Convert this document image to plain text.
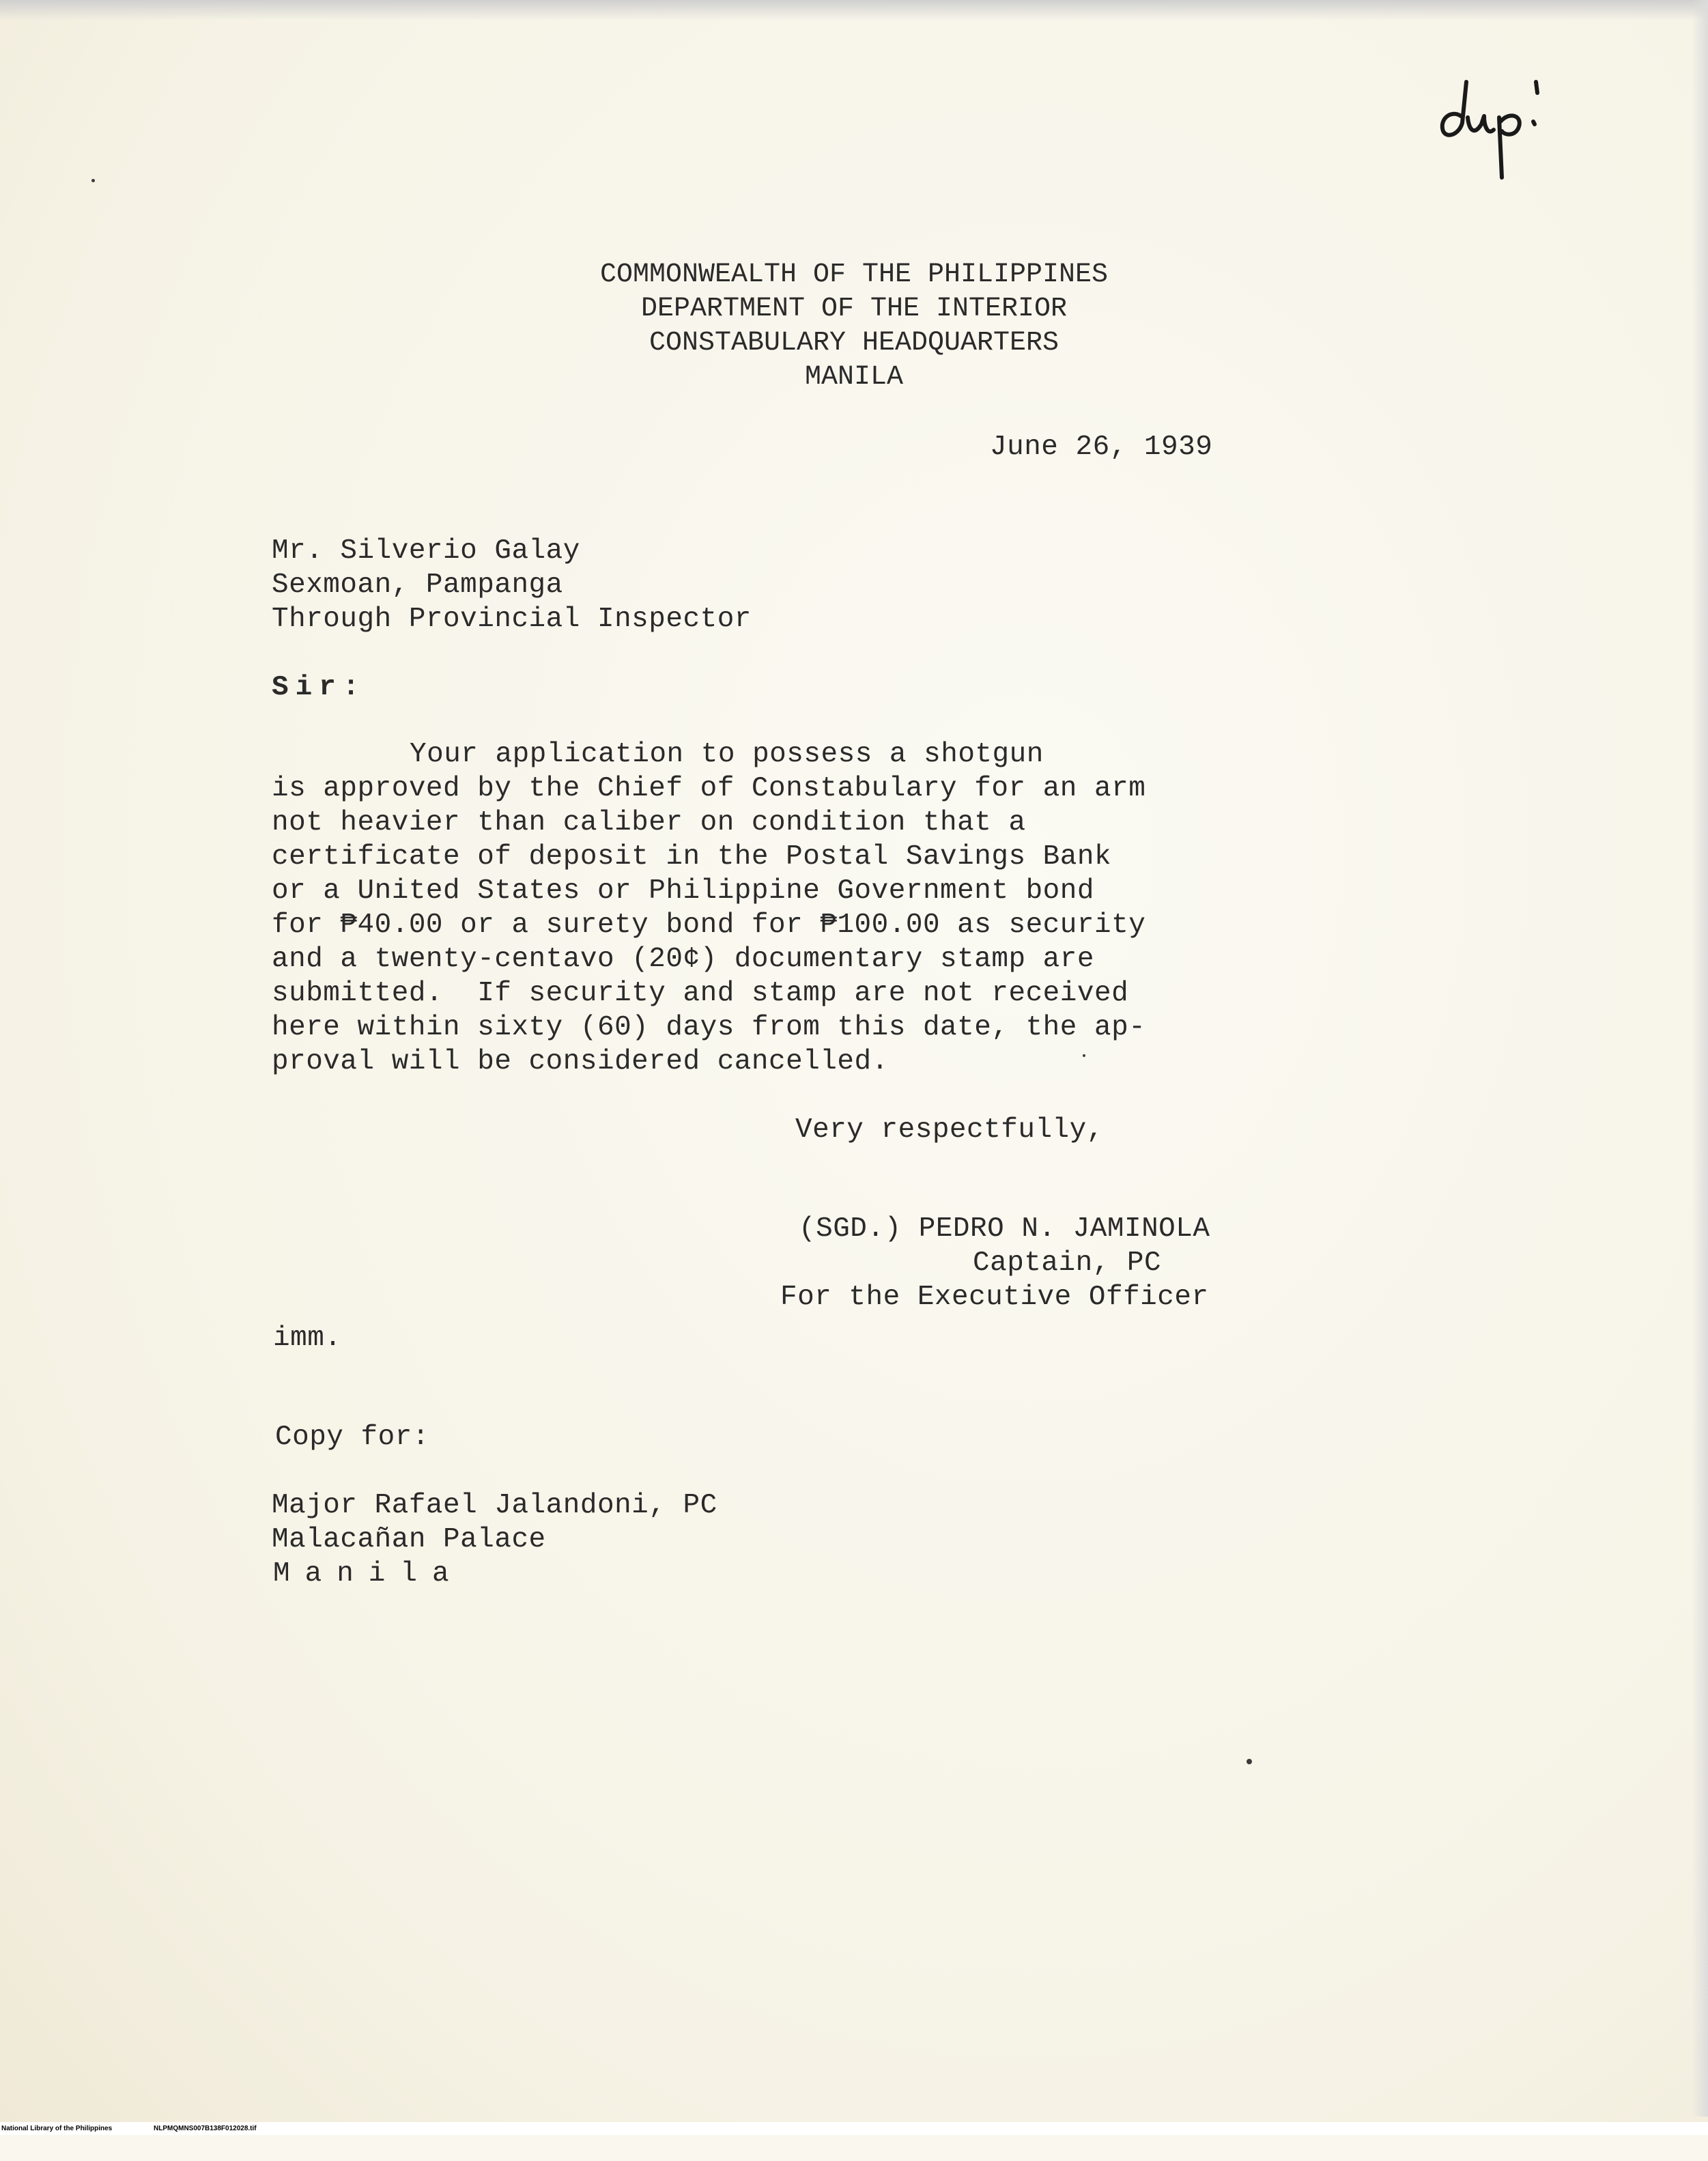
COMMONWEALTH OF THE PHILIPPINES
DEPARTMENT OF THE INTERIOR
CONSTABULARY HEADQUARTERS
MANILA
June 26, 1939
Mr. Silverio Galay
Sexmoan, Pampanga
Through Provincial Inspector
Sir:
Your application to possess a shotgun
is approved by the Chief of Constabulary for an arm
not heavier than caliber on condition that a
certificate of deposit in the Postal Savings Bank
or a United States or Philippine Government bond
for ₱40.00 or a surety bond for ₱100.00 as security
and a twenty-centavo (20¢) documentary stamp are
submitted.  If security and stamp are not received
here within sixty (60) days from this date, the ap-
proval will be considered cancelled.
Very respectfully,
(SGD.) PEDRO N. JAMINOLA
Captain, PC
For the Executive Officer
imm.
Copy for:
Major Rafael Jalandoni, PC
Malacañan Palace
Manila

National Library of the Philippines

	NLPMQMNS007B138F012028.tif
